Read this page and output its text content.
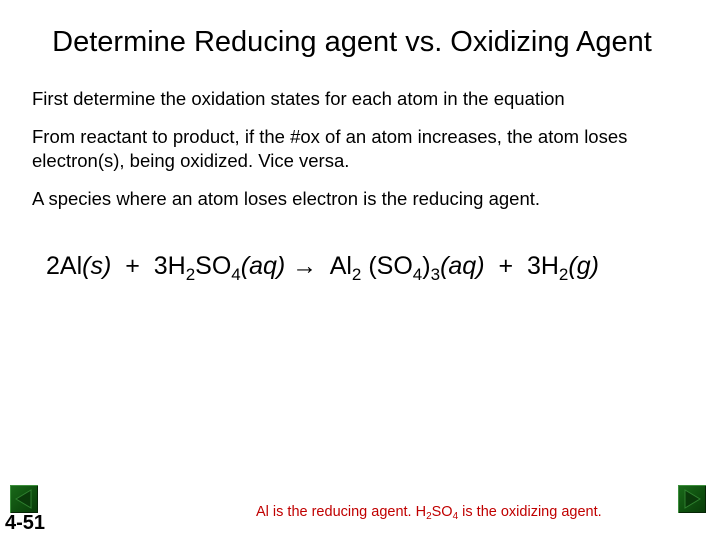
Determine Reducing agent vs. Oxidizing Agent
First determine the oxidation states for each atom in the equation
From reactant to product, if the #ox of an atom increases, the atom loses electron(s), being oxidized. Vice versa.
A species where an atom loses electron is the reducing agent.
$2Al(s) + 3H_2SO_4(aq) \to Al_2$ $(SO_4)_3(aq) + 3H_2(g)$
4-51	Al is the reducing agent. $H_2SO_4$ is the oxidizing agent.
